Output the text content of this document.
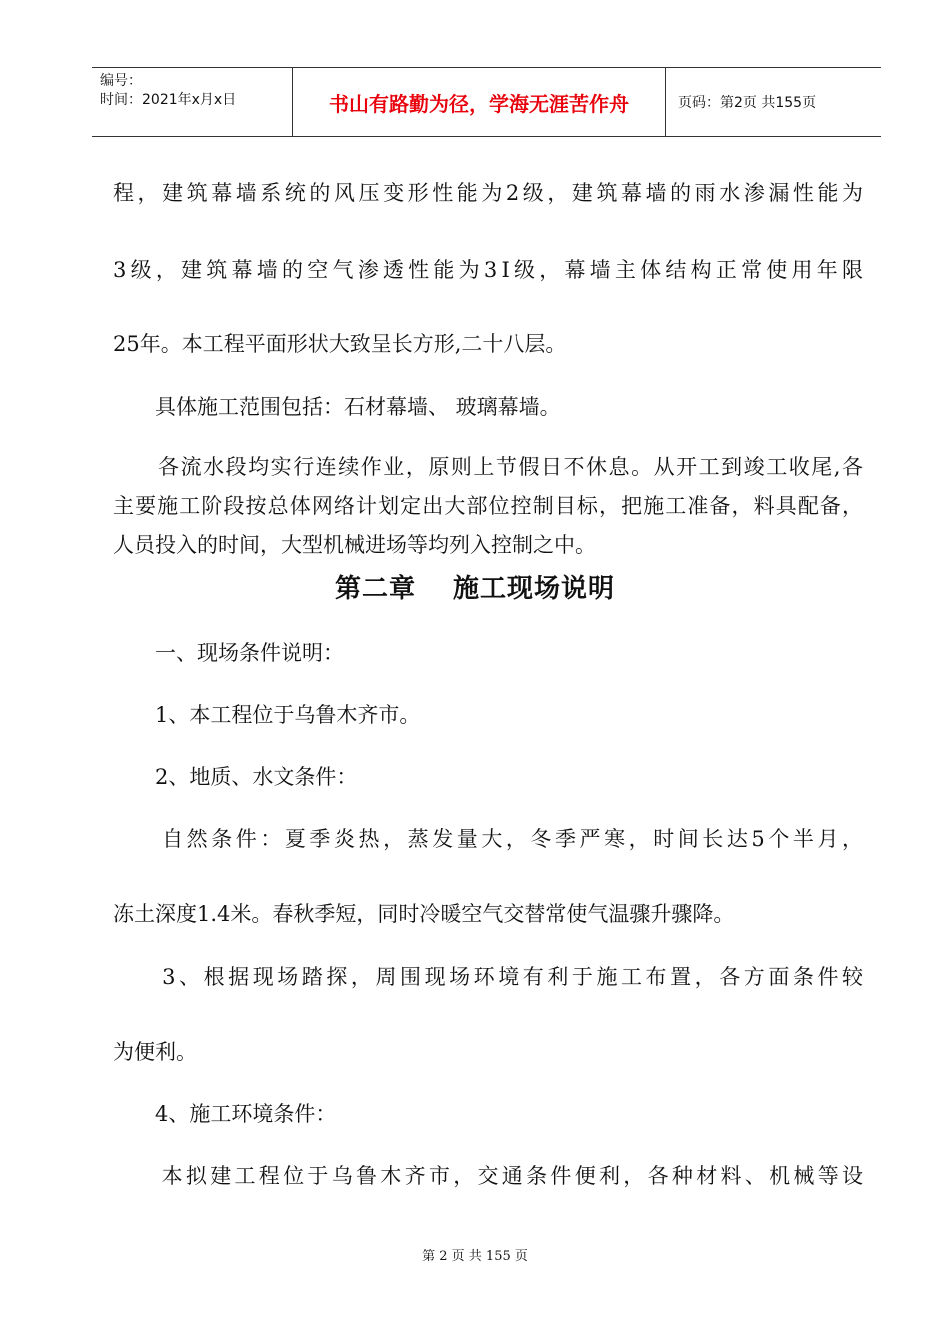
编号：
时间：2021年x月x日	书山有路勤为径，学海无涯苦作舟	页码：第2页 共155页
程，建筑幕墙系统的风压变形性能为2级，建筑幕墙的雨水渗漏性能为
3级，建筑幕墙的空气渗透性能为3Ⅰ级，幕墙主体结构正常使用年限
25年。本工程平面形状大致呈长方形,二十八层。
　　具体施工范围包括：石材幕墙、 玻璃幕墙。
　　各流水段均实行连续作业，原则上节假日不休息。从开工到竣工收尾,各
主要施工阶段按总体网络计划定出大部位控制目标，把施工准备，料具配备，
人员投入的时间，大型机械进场等均列入控制之中。
第二章　 施工现场说明
　　一、现场条件说明：
　　1、本工程位于乌鲁木齐市。
　　2、地质、水文条件：
　　自然条件：夏季炎热，蒸发量大，冬季严寒，时间长达5个半月，
冻土深度1.4米。春秋季短，同时冷暖空气交替常使气温骤升骤降。
　　3、根据现场踏探，周围现场环境有利于施工布置，各方面条件较
为便利。
　　4、施工环境条件：
　　本拟建工程位于乌鲁木齐市，交通条件便利，各种材料、机械等设
第 2 页 共 155 页
